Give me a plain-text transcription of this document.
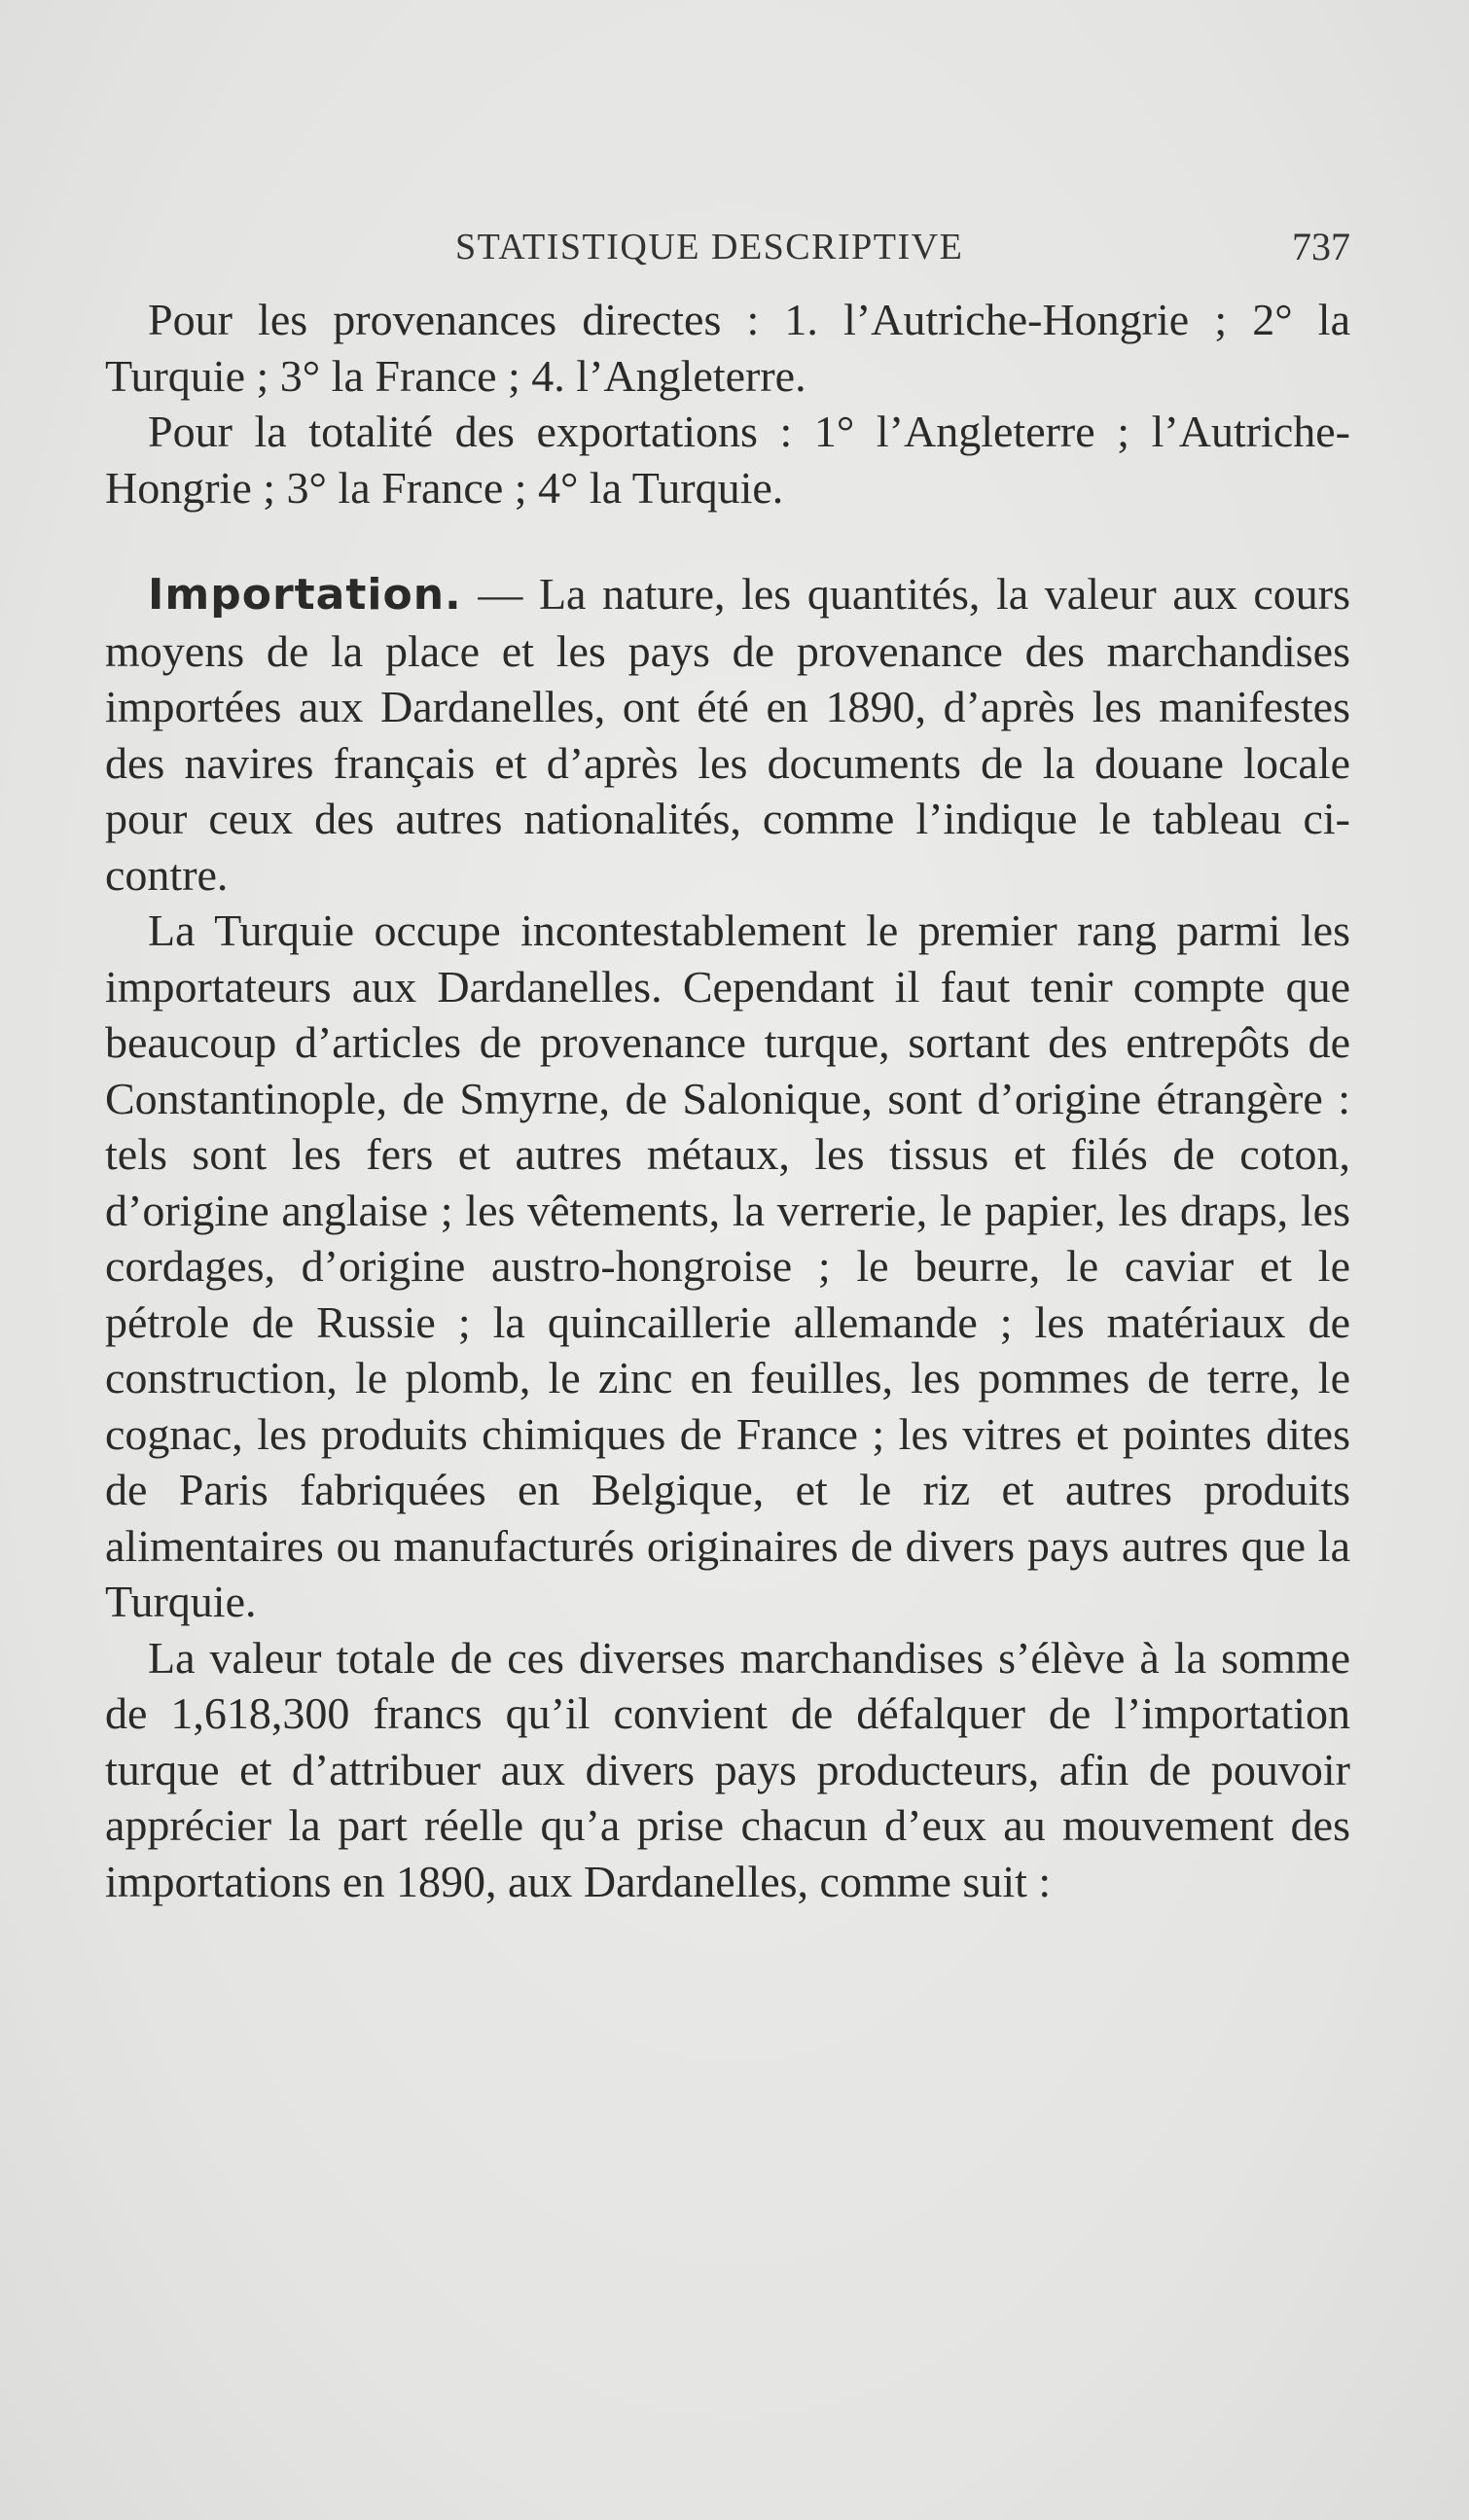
STATISTIQUE DESCRIPTIVE	737

Pour les provenances directes : 1. l’Autriche-Hongrie ; 2° la Turquie ; 3° la France ; 4. l’Angleterre.

Pour la totalité des exportations : 1° l’Angleterre ; l’Autriche-Hongrie ; 3° la France ; 4° la Turquie.

Importation. — La nature, les quantités, la valeur aux cours moyens de la place et les pays de provenance des marchandises importées aux Dardanelles, ont été en 1890, d’après les manifestes des navires français et d’après les documents de la douane locale pour ceux des autres nationalités, comme l’indique le tableau ci-contre.

La Turquie occupe incontestablement le premier rang parmi les importateurs aux Dardanelles. Cependant il faut tenir compte que beaucoup d’articles de provenance turque, sortant des entrepôts de Constantinople, de Smyrne, de Salonique, sont d’origine étrangère : tels sont les fers et autres métaux, les tissus et filés de coton, d’origine anglaise ; les vêtements, la verrerie, le papier, les draps, les cordages, d’origine austro-hongroise ; le beurre, le caviar et le pétrole de Russie ; la quincaillerie allemande ; les matériaux de construction, le plomb, le zinc en feuilles, les pommes de terre, le cognac, les produits chimiques de France ; les vitres et pointes dites de Paris fabriquées en Belgique, et le riz et autres produits alimentaires ou manufacturés originaires de divers pays autres que la Turquie.

La valeur totale de ces diverses marchandises s’élève à la somme de 1,618,300 francs qu’il convient de défalquer de l’importation turque et d’attribuer aux divers pays producteurs, afin de pouvoir apprécier la part réelle qu’a prise chacun d’eux au mouvement des importations en 1890, aux Dardanelles, comme suit :
